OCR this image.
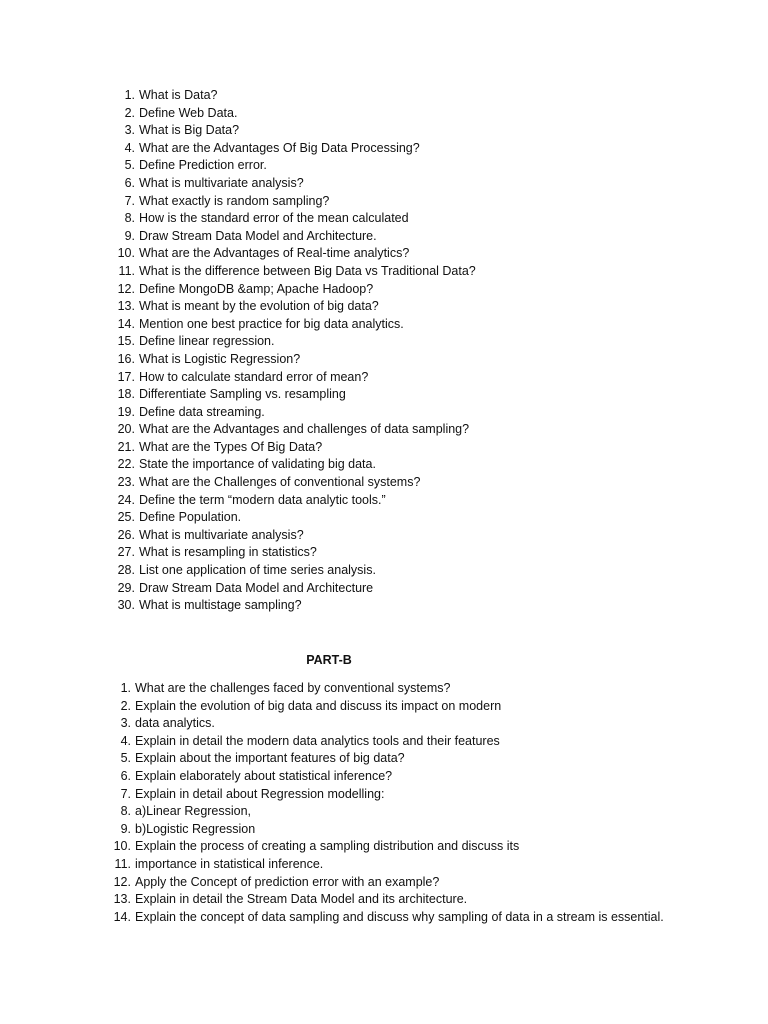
1. What is Data?
2. Define Web Data.
3. What is Big Data?
4. What are the Advantages Of Big Data Processing?
5. Define Prediction error.
6. What is multivariate analysis?
7. What exactly is random sampling?
8. How is the standard error of the mean calculated
9. Draw Stream Data Model and Architecture.
10. What are the Advantages of Real-time analytics?
11. What is the difference between Big Data vs Traditional Data?
12. Define MongoDB &amp; Apache Hadoop?
13. What is meant by the evolution of big data?
14. Mention one best practice for big data analytics.
15. Define linear regression.
16. What is Logistic Regression?
17. How to calculate standard error of mean?
18. Differentiate Sampling vs. resampling
19. Define data streaming.
20. What are the Advantages and challenges of data sampling?
21. What are the Types Of Big Data?
22. State the importance of validating big data.
23. What are the Challenges of conventional systems?
24. Define the term “modern data analytic tools.”
25. Define Population.
26. What is multivariate analysis?
27. What is resampling in statistics?
28. List one application of time series analysis.
29. Draw Stream Data Model and Architecture
30. What is multistage sampling?
PART-B
1. What are the challenges faced by conventional systems?
2. Explain the evolution of big data and discuss its impact on modern
3. data analytics.
4. Explain in detail the modern data analytics tools and their features
5. Explain about the important features of big data?
6. Explain elaborately about statistical inference?
7. Explain in detail about Regression modelling:
8. a)Linear Regression,
9. b)Logistic Regression
10. Explain the process of creating a sampling distribution and discuss its
11. importance in statistical inference.
12. Apply the Concept of prediction error with an example?
13. Explain in detail the Stream Data Model and its architecture.
14. Explain the concept of data sampling and discuss why sampling of data in a stream is essential.
